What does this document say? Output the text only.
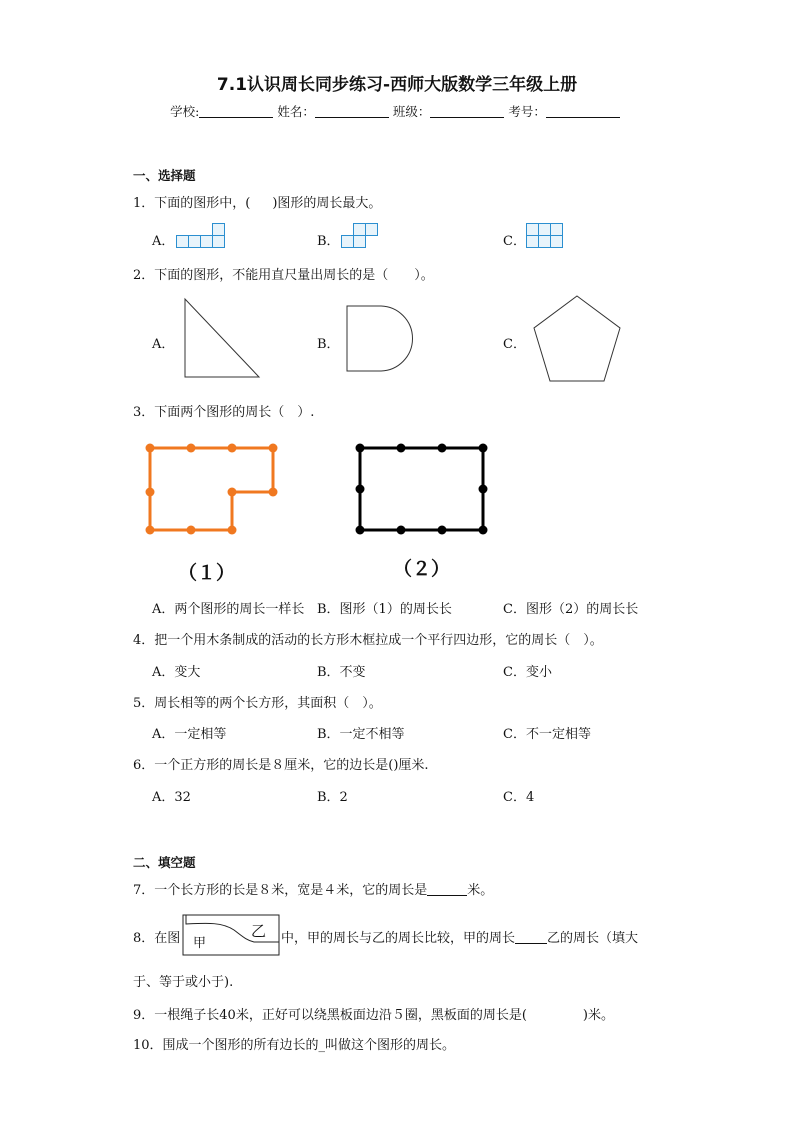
7.1认识周长同步练习-西师大版数学三年级上册
学校:	姓名：	班级：	考号：
一、选择题
1．下面的图形中，( )图形的周长最大。
A．	B．	C．
2．下面的图形，不能用直尺量出周长的是（　　）。
A．	B．	C．
3．下面两个图形的周长（　）.
（１）	（２）
A．两个图形的周长一样长 B．图形（1）的周长长	C．图形（2）的周长长
4．把一个用木条制成的活动的长方形木框拉成一个平行四边形，它的周长（　）。
A．变大	B．不变	C．变小
5．周长相等的两个长方形，其面积（　）。
A．一定相等	B．一定不相等	C．不一定相等
6．一个正方形的周长是８厘米，它的边长是()厘米.
A．32	B．2	C．4
二、填空题
7．一个长方形的长是８米，宽是４米，它的周长是	米。
8．在图 甲
乙 中，甲的周长与乙的周长比较，甲的周长 乙的周长（填大
于、等于或小于).
9．一根绳子长40米，正好可以绕黑板面边沿５圈，黑板面的周长是(	)米。
10．围成一个图形的所有边长的_叫做这个图形的周长。
